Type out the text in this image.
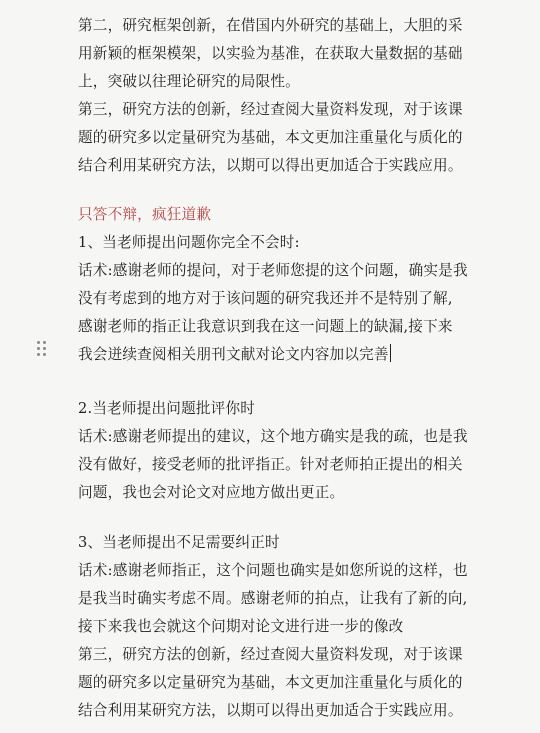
第二，研究框架创新，在借国内外研究的基础上，大胆的采
用新颖的框架模架，以实验为基准，在获取大量数据的基础
上，突破以往理论研究的局限性。
第三，研究方法的创新，经过查阅大量资料发现，对于该课
题的研究多以定量研究为基础，本文更加注重量化与质化的
结合利用某研究方法，以期可以得出更加适合于实践应用。
只答不辩，疯狂道歉
1、当老师提出问题你完全不会时:
话术:感谢老师的提问，对于老师您提的这个问题，确实是我
没有考虑到的地方对于该问题的研究我还并不是特别了解,
感谢老师的指正让我意识到我在这一问题上的缺漏,接下来
我会迸续查阅相关朋刊文献对论文内容加以完善
2.当老师提出问题批评你时
话术:感谢老师提出的建议，这个地方确实是我的疏，也是我
没有做好，接受老师的批评指正。针对老师拍正提出的相关
问题，我也会对论文对应地方做出更正。
3、当老师提出不足需要纠正时
话术:感谢老师指正，这个问题也确实是如您所说的这样，也
是我当时确实考虑不周。感谢老师的拍点，让我有了新的向,
接下来我也会就这个问期对论文进行进一步的像改
第三，研究方法的创新，经过查阅大量资料发现，对于该课
题的研究多以定量研究为基础，本文更加注重量化与质化的
结合利用某研究方法，以期可以得出更加适合于实践应用。
